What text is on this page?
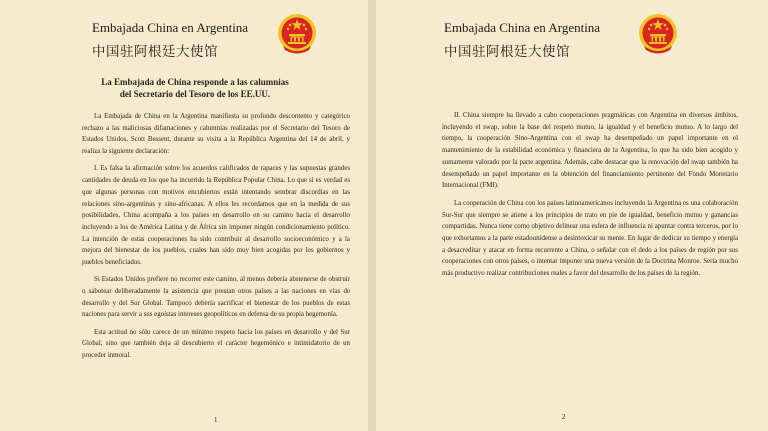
Embajada China en Argentina
中国驻阿根廷大使馆
La Embajada de China responde a las calumnias
del Secretario del Tesoro de los EE.UU.

La Embajada de China en la Argentina manifiesta su profundo descontento y categórico rechazo a las maliciosas difamaciones y calumnias realizadas por el Secretario del Tesoro de Estados Unidos, Scott Bessent, durante su visita a la República Argentina del 14 de abril, y realiza la siguiente declaración:

I. Es falsa la afirmación sobre los acuerdos calificados de rapaces y las supuestas grandes cantidades de deuda en los que ha incurrido la República Popular China. Lo que sí es verdad es que algunas personas con motivos encubiertos están intentando sembrar discordias en las relaciones sino-argentinas y sino-africanas. A ellos les recordamos que en la medida de sus posibilidades, China acompaña a los países en desarrollo en su camino hacia el desarrollo incluyendo a los de América Latina y de África sin imponer ningún condicionamiento político. La intención de estas cooperaciones ha sido contribuir al desarrollo socioeconómico y a la mejora del bienestar de los pueblos, cuales han sido muy bien acogidas por los gobiernos y pueblos beneficiados.

Si Estados Unidos prefiere no recorrer este camino, al menos debería abstenerse de obstruir o sabotear deliberadamente la asistencia que prestan otros países a las naciones en vías de desarrollo y del Sur Global. Tampoco debería sacrificar el bienestar de los pueblos de estas naciones para servir a sus egoístas intereses geopolíticos en defensa de su propia hegemonía.

Esta actitud no sólo carece de un mínimo respeto hacia los países en desarrollo y del Sur Global, sino que también deja al descubierto el carácter hegemónico e intimidatorio de un proceder inmoral.

1
Embajada China en Argentina
中国驻阿根廷大使馆

II. China siempre ha llevado a cabo cooperaciones pragmáticas con Argentina en diversos ámbitos, incluyendo el swap, sobre la base del respeto mutuo, la igualdad y el beneficio mutuo. A lo largo del tiempo, la cooperación Sino-Argentina con el swap ha desempeñado un papel importante en el mantenimiento de la estabilidad económica y financiera de la Argentina, lo que ha sido bien acogido y sumamente valorado por la parte argentina. Además, cabe destacar que la renovación del swap también ha desempeñado un papel importante en la obtención del financiamiento pertinente del Fondo Monetario Internacional (FMI).

La cooperación de China con los países latinoamericanos incluyendo la Argentina es una colaboración Sur-Sur que siempre se atiene a los principios de trato en pie de igualdad, beneficio mutuo y ganancias compartidas. Nunca tiene como objetivo delinear una esfera de influencia ni apuntar contra terceros, por lo que exhortamos a la parte estadounidense a desintoxicar su mente. En lugar de dedicar su tiempo y energía a desacreditar y atacar en forma recurrente a China, o señalar con el dedo a los países de región por sus cooperaciones con otros países, o intentar imponer una nueva versión de la Doctrina Monroe. Sería mucho más productivo realizar contribuciones reales a favor del desarrollo de los países de la región.

2
